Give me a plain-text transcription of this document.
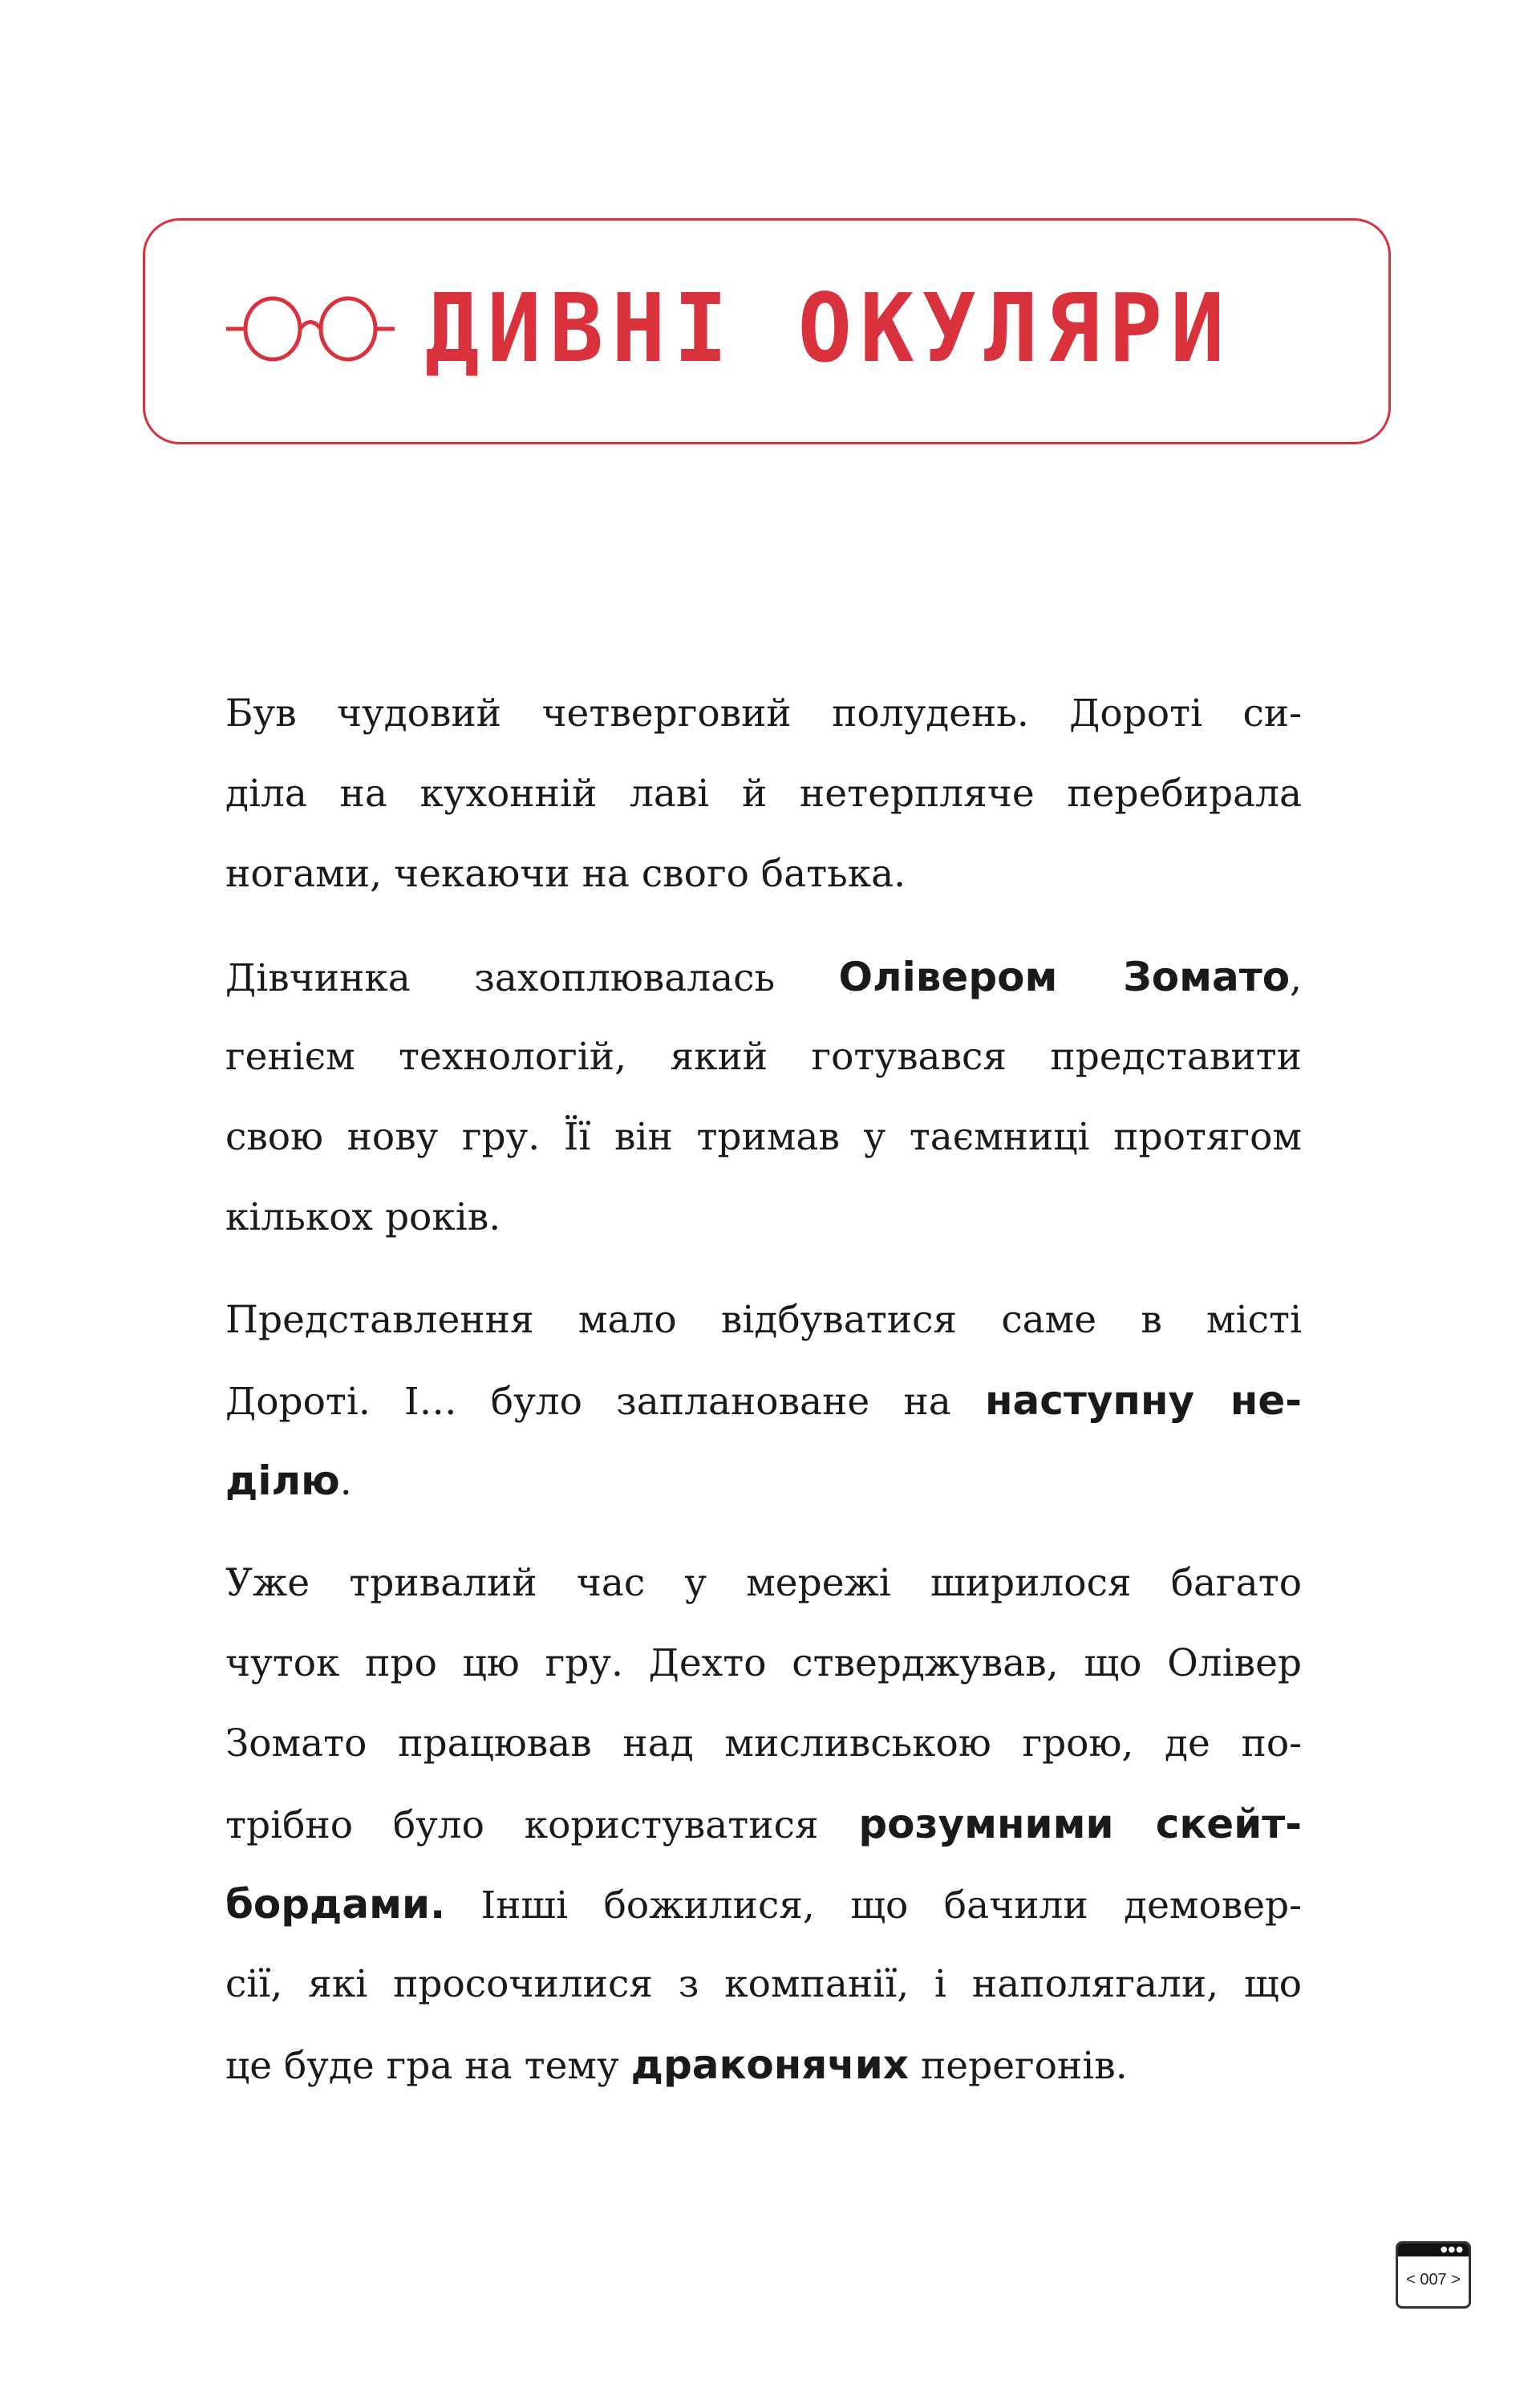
ДИВНІ ОКУЛЯРИ
Був чудовий четверговий полудень. Дороті си-
діла на кухонній лаві й нетерпляче перебирала
ногами, чекаючи на свого батька.
Дівчинка захоплювалась Олівером Зомато,
генієм технологій, який готувався представити
свою нову гру. Її він тримав у таємниці протягом
кількох років.
Представлення мало відбуватися саме в місті
Дороті. І… було заплановане на наступну не-
ділю.
Уже тривалий час у мережі ширилося багато
чуток про цю гру. Дехто стверджував, що Олівер
Зомато працював над мисливською грою, де по-
трібно було користуватися розумними скейт-
бордами. Інші божилися, що бачили демовер-
сії, які просочилися з компанії, і наполягали, що
це буде гра на тему драконячих перегонів.
●●●
< 007 >
